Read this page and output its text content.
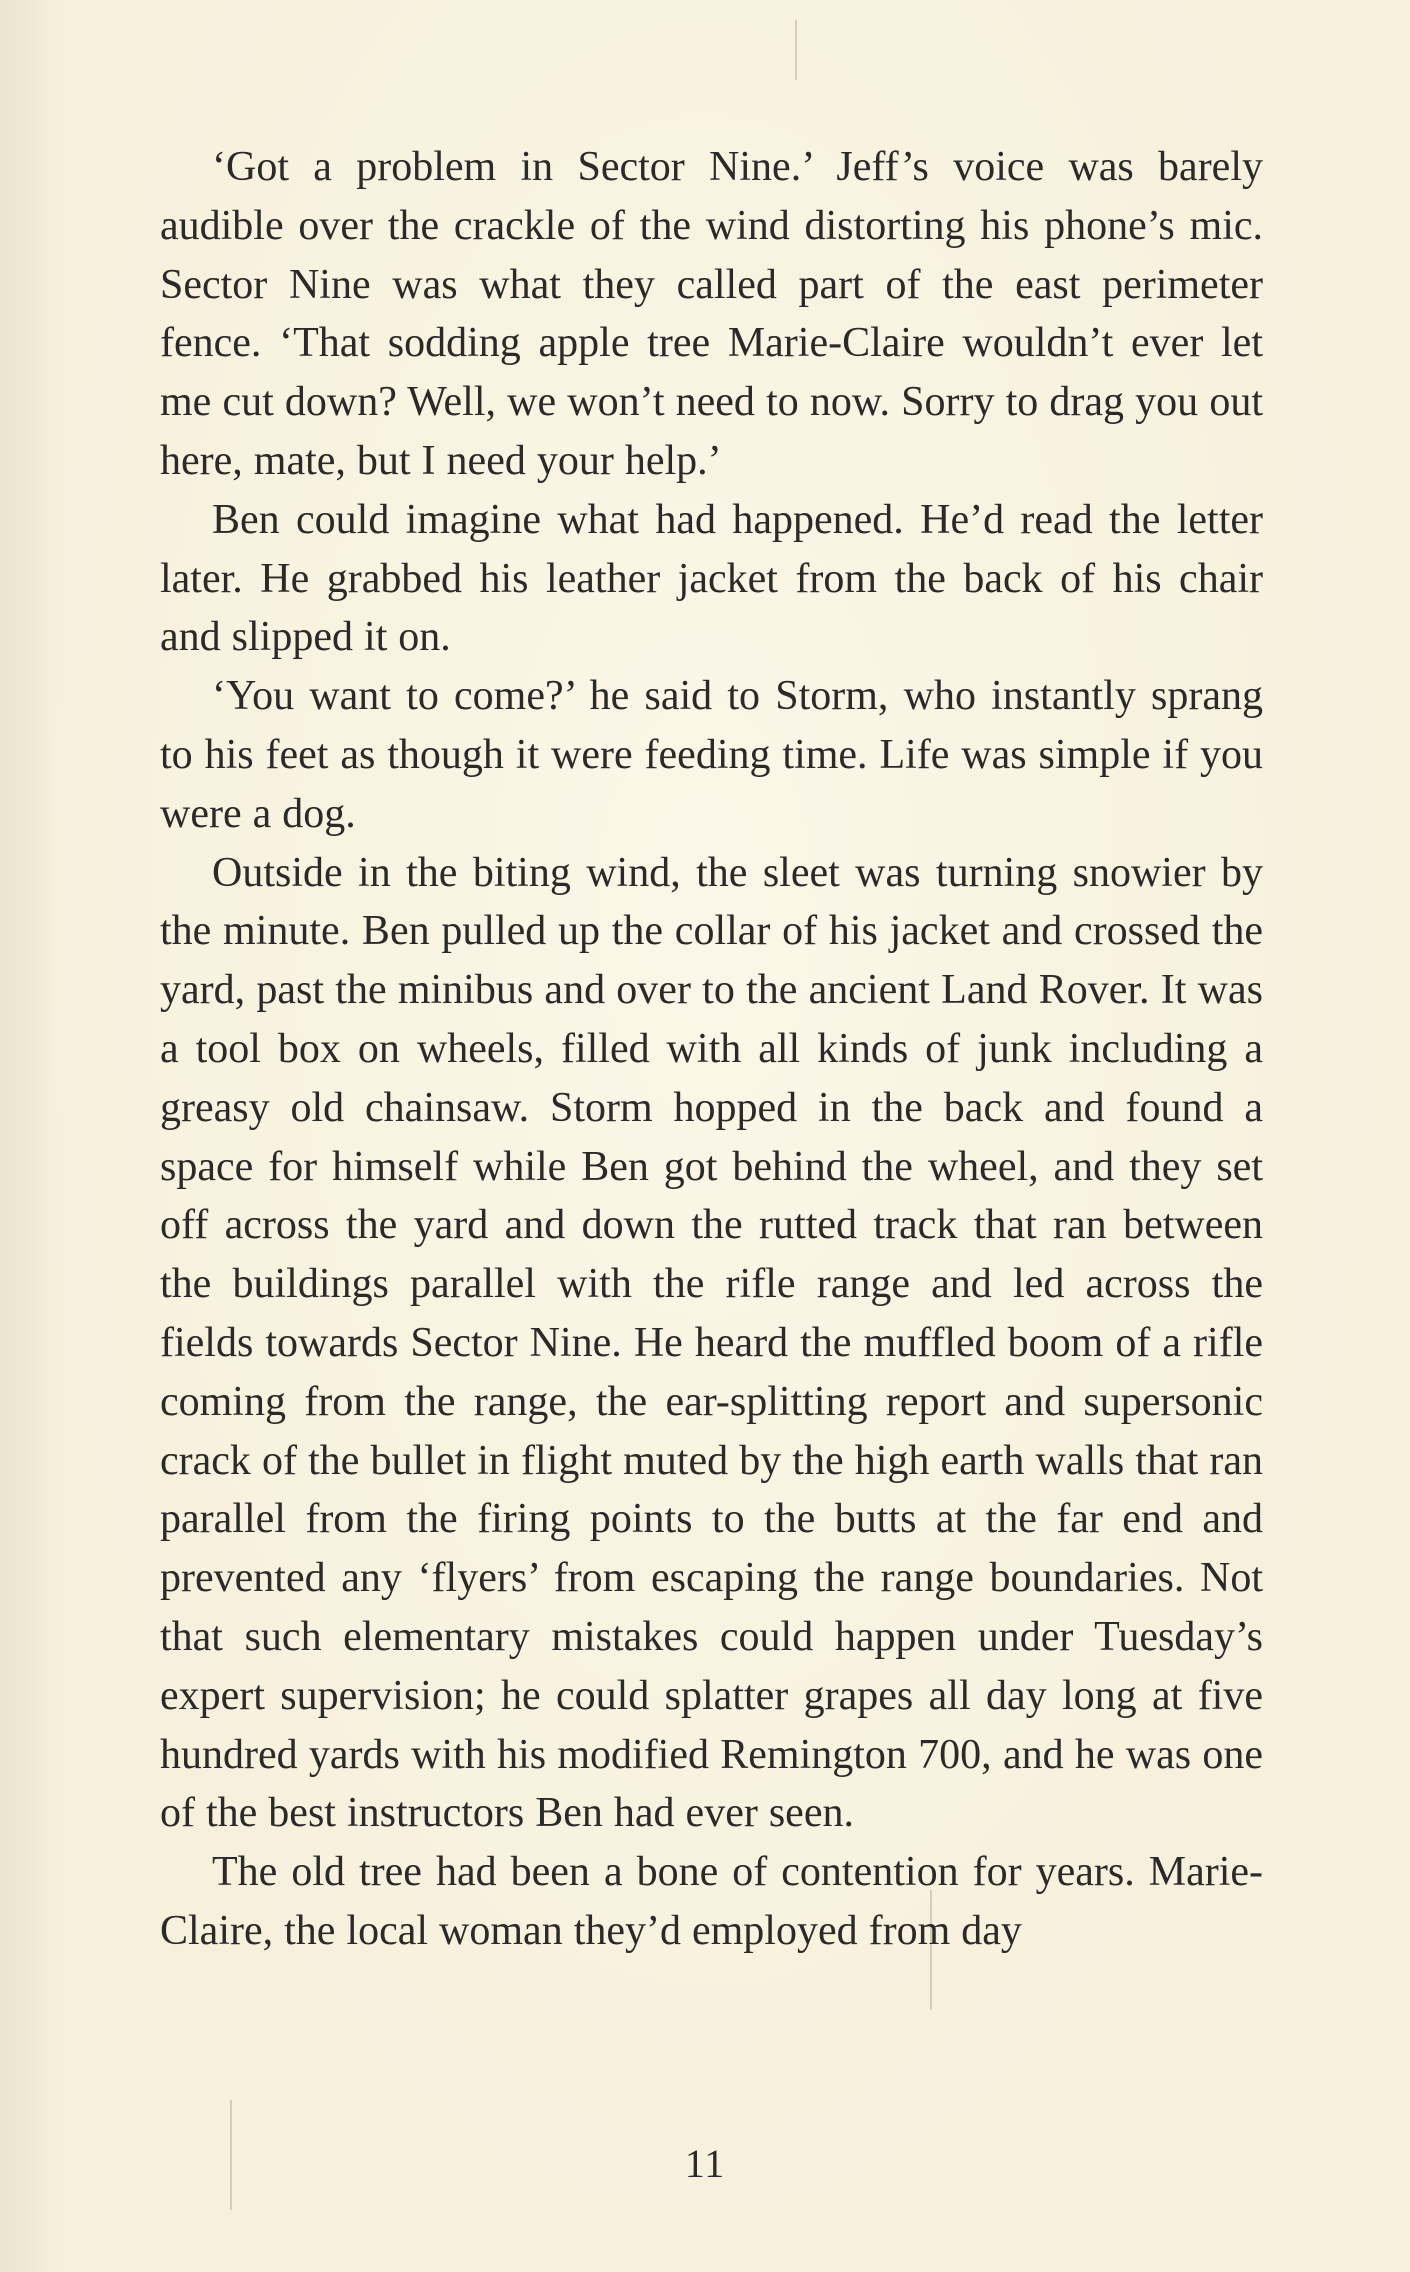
‘Got a problem in Sector Nine.’ Jeff’s voice was barely audible over the crackle of the wind distorting his phone’s mic. Sector Nine was what they called part of the east perimeter fence. ‘That sodding apple tree Marie-Claire wouldn’t ever let me cut down? Well, we won’t need to now. Sorry to drag you out here, mate, but I need your help.’

Ben could imagine what had happened. He’d read the letter later. He grabbed his leather jacket from the back of his chair and slipped it on.

‘You want to come?’ he said to Storm, who instantly sprang to his feet as though it were feeding time. Life was simple if you were a dog.

Outside in the biting wind, the sleet was turning snowier by the minute. Ben pulled up the collar of his jacket and crossed the yard, past the minibus and over to the ancient Land Rover. It was a tool box on wheels, filled with all kinds of junk including a greasy old chainsaw. Storm hopped in the back and found a space for himself while Ben got behind the wheel, and they set off across the yard and down the rutted track that ran between the buildings parallel with the rifle range and led across the fields towards Sector Nine. He heard the muffled boom of a rifle coming from the range, the ear-splitting report and supersonic crack of the bullet in flight muted by the high earth walls that ran parallel from the firing points to the butts at the far end and prevented any ‘flyers’ from escaping the range boundaries. Not that such elementary mistakes could happen under Tuesday’s expert supervision; he could splatter grapes all day long at five hundred yards with his modified Remington 700, and he was one of the best instructors Ben had ever seen.

The old tree had been a bone of contention for years. Marie-Claire, the local woman they’d employed from day

11
